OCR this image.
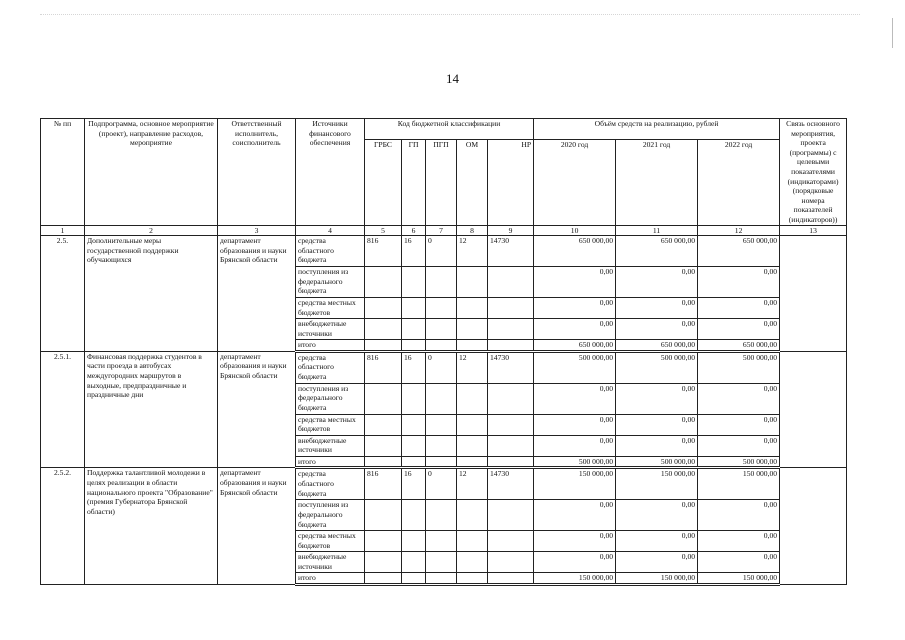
14
№ пп	Подпрограмма, основное мероприятие (проект), направление расходов, мероприятие	Ответственный исполнитель, соисполнитель	Источники финансового обеспечения	Код бюджетной классификации					Объём средств на реализацию, рублей			Связь основного мероприятия, проекта (программы) с целевыми показателями (индикаторами) (порядковые номера показателей (индикаторов))
				ГРБС	ГП	ПГП	ОМ	НР	2020 год	2021 год	2022 год	
1	2	3	4	5	6	7	8	9	10	11	12	13
2.5.	Дополнительные меры государственной поддержки обучающихся	департамент образования и науки Брянской области	средства областного бюджета	816	16	0	12	14730	650 000,00	650 000,00	650 000,00	
			поступления из федерального бюджета						0,00	0,00	0,00	
			средства местных бюджетов						0,00	0,00	0,00	
			внебюджетные источники						0,00	0,00	0,00	
			итого						650 000,00	650 000,00	650 000,00	
2.5.1.	Финансовая поддержка студентов в части проезда в автобусах междугородних маршрутов в выходные, предпраздничные и праздничные дни	департамент образования и науки Брянской области	средства областного бюджета	816	16	0	12	14730	500 000,00	500 000,00	500 000,00	
			поступления из федерального бюджета						0,00	0,00	0,00	
			средства местных бюджетов						0,00	0,00	0,00	
			внебюджетные источники						0,00	0,00	0,00	
			итого						500 000,00	500 000,00	500 000,00	
2.5.2.	Поддержка талантливой молодежи в целях реализации в области национального проекта "Образование" (премия Губернатора Брянской области)	департамент образования и науки Брянской области	средства областного бюджета	816	16	0	12	14730	150 000,00	150 000,00	150 000,00	
			поступления из федерального бюджета						0,00	0,00	0,00	
			средства местных бюджетов						0,00	0,00	0,00	
			внебюджетные источники						0,00	0,00	0,00	
			итого						150 000,00	150 000,00	150 000,00	
